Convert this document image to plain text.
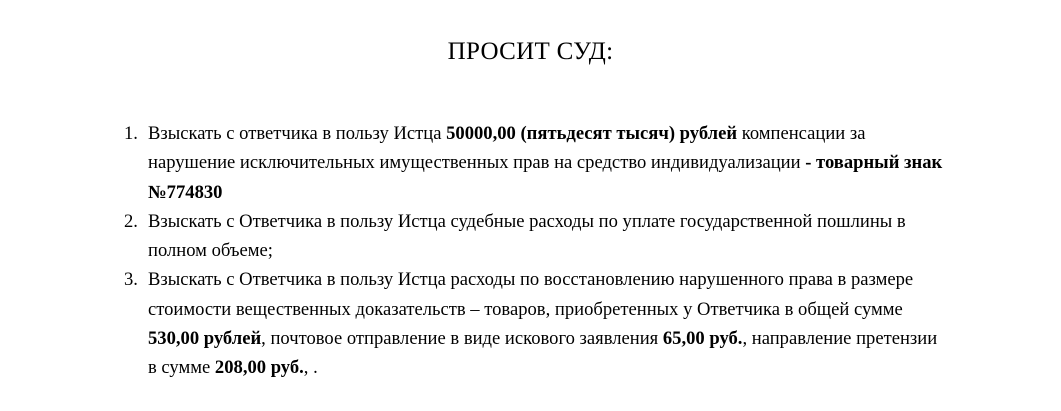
ПРОСИТ СУД:
1. Взыскать с ответчика в пользу Истца 50000,00 (пятьдесят тысяч) рублей компенсации за нарушение исключительных имущественных прав на средство индивидуализации - товарный знак №774830
2. Взыскать с Ответчика в пользу Истца судебные расходы по уплате государственной пошлины в полном объеме;
3. Взыскать с Ответчика в пользу Истца расходы по восстановлению нарушенного права в размере стоимости вещественных доказательств – товаров, приобретенных у Ответчика в общей сумме 530,00 рублей, почтовое отправление в виде искового заявления 65,00 руб., направление претензии в сумме 208,00 руб., .
